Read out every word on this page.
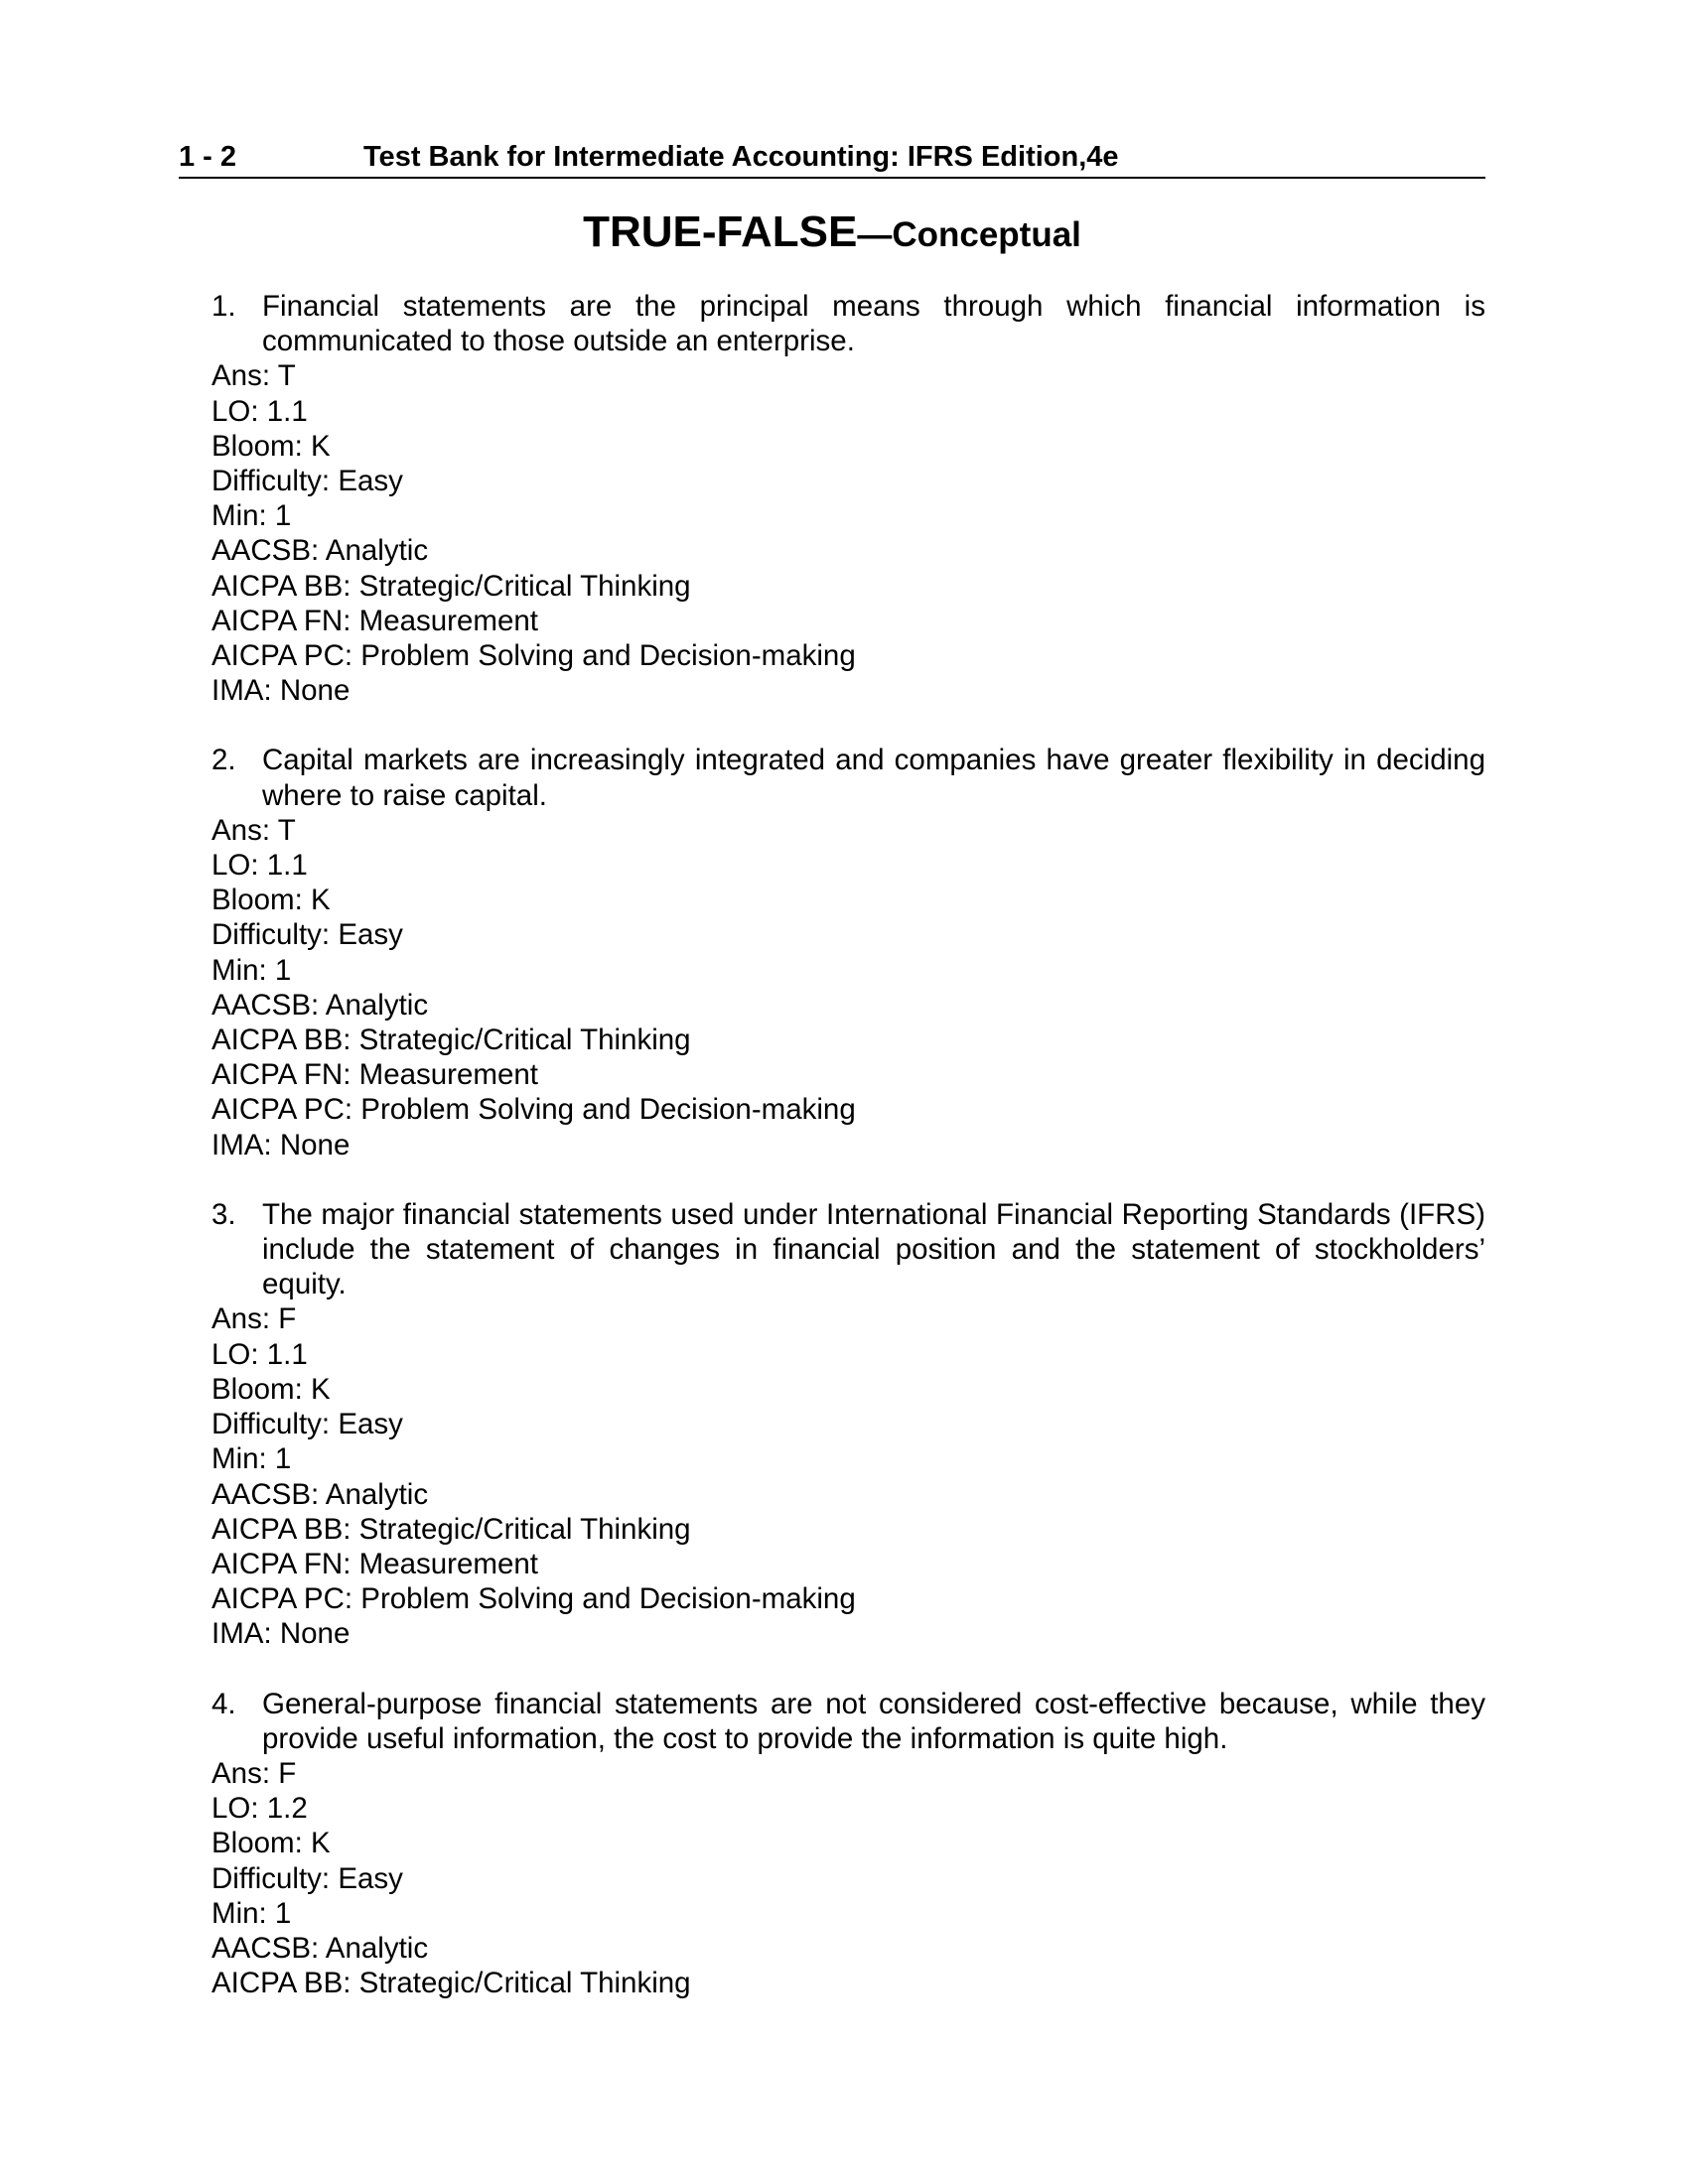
1 - 2	Test Bank for Intermediate Accounting: IFRS Edition,4e
TRUE-FALSE—Conceptual
1. Financial statements are the principal means through which financial information is communicated to those outside an enterprise.
Ans: T
LO: 1.1
Bloom: K
Difficulty: Easy
Min: 1
AACSB: Analytic
AICPA BB: Strategic/Critical Thinking
AICPA FN: Measurement
AICPA PC: Problem Solving and Decision-making
IMA: None
2. Capital markets are increasingly integrated and companies have greater flexibility in deciding where to raise capital.
Ans: T
LO: 1.1
Bloom: K
Difficulty: Easy
Min: 1
AACSB: Analytic
AICPA BB: Strategic/Critical Thinking
AICPA FN: Measurement
AICPA PC: Problem Solving and Decision-making
IMA: None
3. The major financial statements used under International Financial Reporting Standards (IFRS) include the statement of changes in financial position and the statement of stockholders’ equity.
Ans: F
LO: 1.1
Bloom: K
Difficulty: Easy
Min: 1
AACSB: Analytic
AICPA BB: Strategic/Critical Thinking
AICPA FN: Measurement
AICPA PC: Problem Solving and Decision-making
IMA: None
4. General-purpose financial statements are not considered cost-effective because, while they provide useful information, the cost to provide the information is quite high.
Ans: F
LO: 1.2
Bloom: K
Difficulty: Easy
Min: 1
AACSB: Analytic
AICPA BB: Strategic/Critical Thinking
